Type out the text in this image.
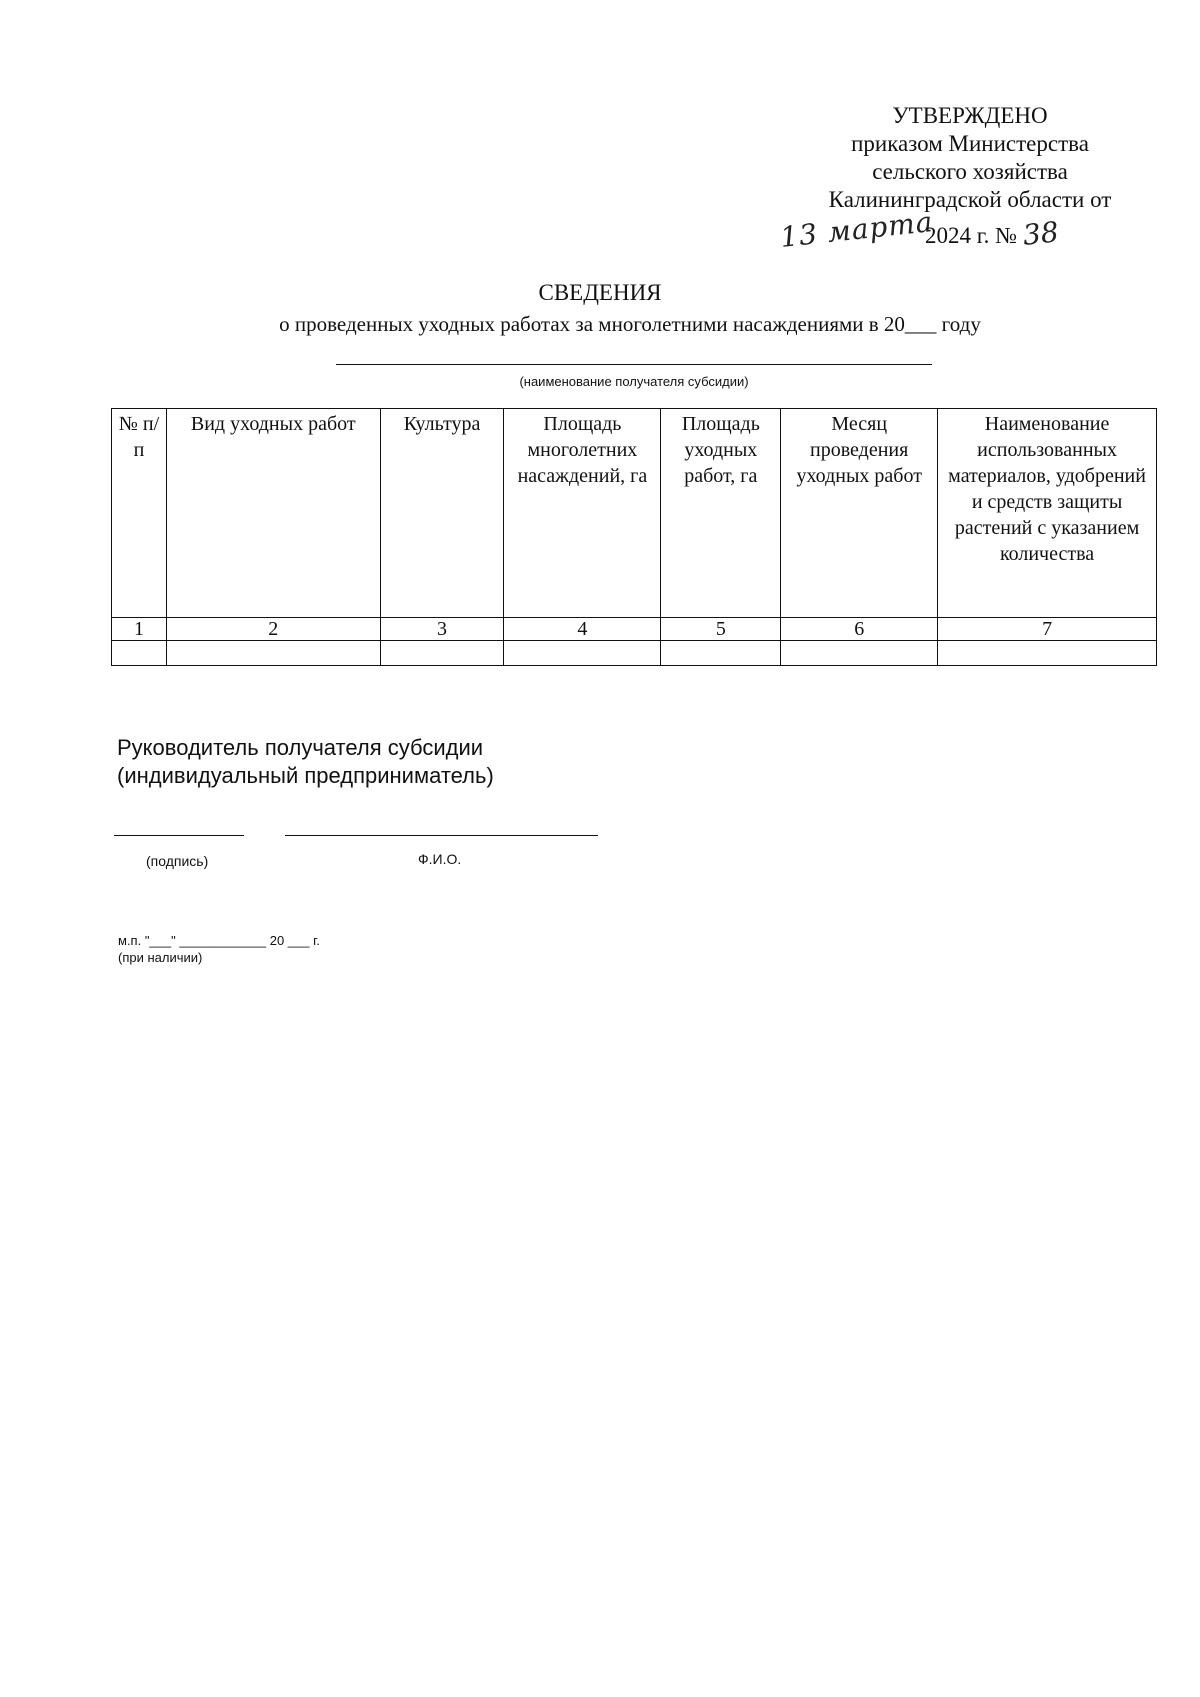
УТВЕРЖДЕНО
приказом Министерства
сельского хозяйства
Калининградской области от
13 марта
2024 г. № 38
СВЕДЕНИЯ
о проведенных уходных работах за многолетними насаждениями в 20___ году
(наименование получателя субсидии)
№ п/п	Вид уходных работ	Культура	Площадь многолетних насаждений, га	Площадь уходных работ, га	Месяц проведения уходных работ	Наименование использованных материалов, удобрений и средств защиты растений с указанием количества
1	2	3	4	5	6	7

Руководитель получателя субсидии
(индивидуальный предприниматель)
(подпись)	Ф.И.О.
м.п. "___" ____________ 20 ___ г.
(при наличии)
